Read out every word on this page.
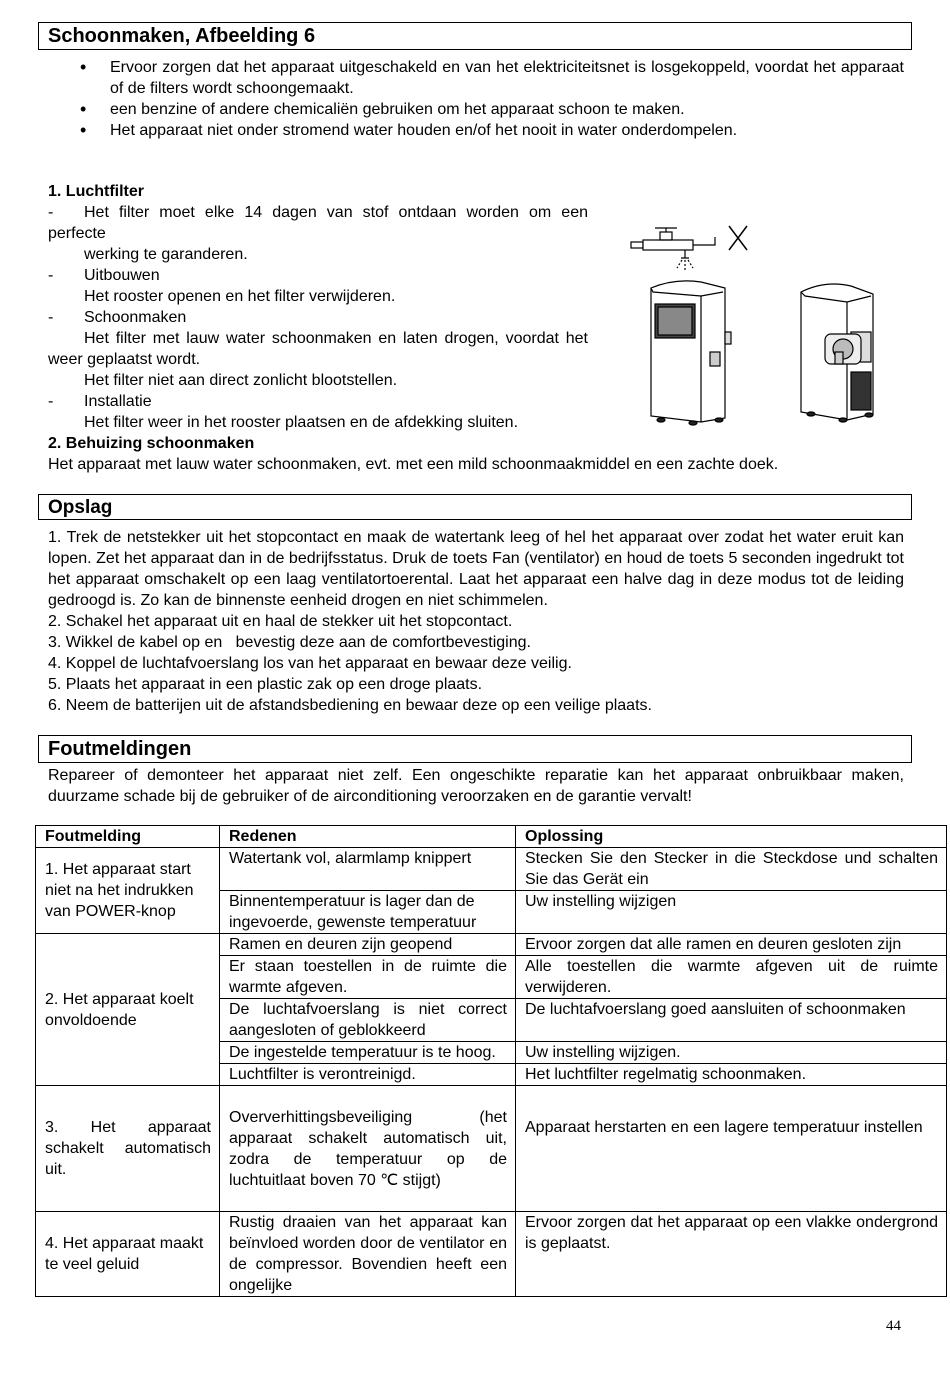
Schoonmaken, Afbeelding 6
• Ervoor zorgen dat het apparaat uitgeschakeld en van het elektriciteitsnet is losgekoppeld, voordat het apparaat of de filters wordt schoongemaakt.
• een benzine of andere chemicaliën gebruiken om het apparaat schoon te maken.
• Het apparaat niet onder stromend water houden en/of het nooit in water onderdompelen.

1. Luchtfilter

- Het filter moet elke 14 dagen van stof ontdaan worden om een perfecte

werking te garanderen.

- Uitbouwen

Het rooster openen en het filter verwijderen.

- Schoonmaken

Het filter met lauw water schoonmaken en laten drogen, voordat het weer geplaatst wordt.

Het filter niet aan direct zonlicht blootstellen.

- Installatie

Het filter weer in het rooster plaatsen en de afdekking sluiten.

2. Behuizing schoonmaken
Het apparaat met lauw water schoonmaken, evt. met een mild schoonmaakmiddel en een zachte doek.
Opslag
1. Trek de netstekker uit het stopcontact en maak de watertank leeg of hel het apparaat over zodat het water eruit kan lopen. Zet het apparaat dan in de bedrijfsstatus. Druk de toets Fan (ventilator) en houd de toets 5 seconden ingedrukt tot het apparaat omschakelt op een laag ventilatortoerental. Laat het apparaat een halve dag in deze modus tot de leiding gedroogd is. Zo kan de binnenste eenheid drogen en niet schimmelen.
2. Schakel het apparaat uit en haal de stekker uit het stopcontact.
3. Wikkel de kabel op en   bevestig deze aan de comfortbevestiging.
4. Koppel de luchtafvoerslang los van het apparaat en bewaar deze veilig.
5. Plaats het apparaat in een plastic zak op een droge plaats.
6. Neem de batterijen uit de afstandsbediening en bewaar deze op een veilige plaats.
Foutmeldingen
Repareer of demonteer het apparaat niet zelf. Een ongeschikte reparatie kan het apparaat onbruikbaar maken, duurzame schade bij de gebruiker of de airconditioning veroorzaken en de garantie vervalt!
Foutmelding	Redenen	Oplossing
1. Het apparaat start niet na het indrukken van POWER-knop	Watertank vol, alarmlamp knippert	Stecken Sie den Stecker in die Steckdose und schalten Sie das Gerät ein
	Binnentemperatuur is lager dan de ingevoerde, gewenste temperatuur	Uw instelling wijzigen
2. Het apparaat koelt onvoldoende	Ramen en deuren zijn geopend	Ervoor zorgen dat alle ramen en deuren gesloten zijn
	Er staan toestellen in de ruimte die warmte afgeven.	Alle toestellen die warmte afgeven uit de ruimte verwijderen.
	De luchtafvoerslang is niet correct aangesloten of geblokkeerd	De luchtafvoerslang goed aansluiten of schoonmaken
	De ingestelde temperatuur is te hoog.	Uw instelling wijzigen.
	Luchtfilter is verontreinigd.	Het luchtfilter regelmatig schoonmaken.
3. Het apparaat schakelt automatisch uit.	Oververhittingsbeveiliging (het apparaat schakelt automatisch uit, zodra de temperatuur op de luchtuitlaat boven 70 ℃ stijgt)	Apparaat herstarten en een lagere temperatuur instellen
4. Het apparaat maakt te veel geluid	Rustig draaien van het apparaat kan beïnvloed worden door de ventilator en de compressor. Bovendien heeft een ongelijke	Ervoor zorgen dat het apparaat op een vlakke ondergrond is geplaatst.
44
